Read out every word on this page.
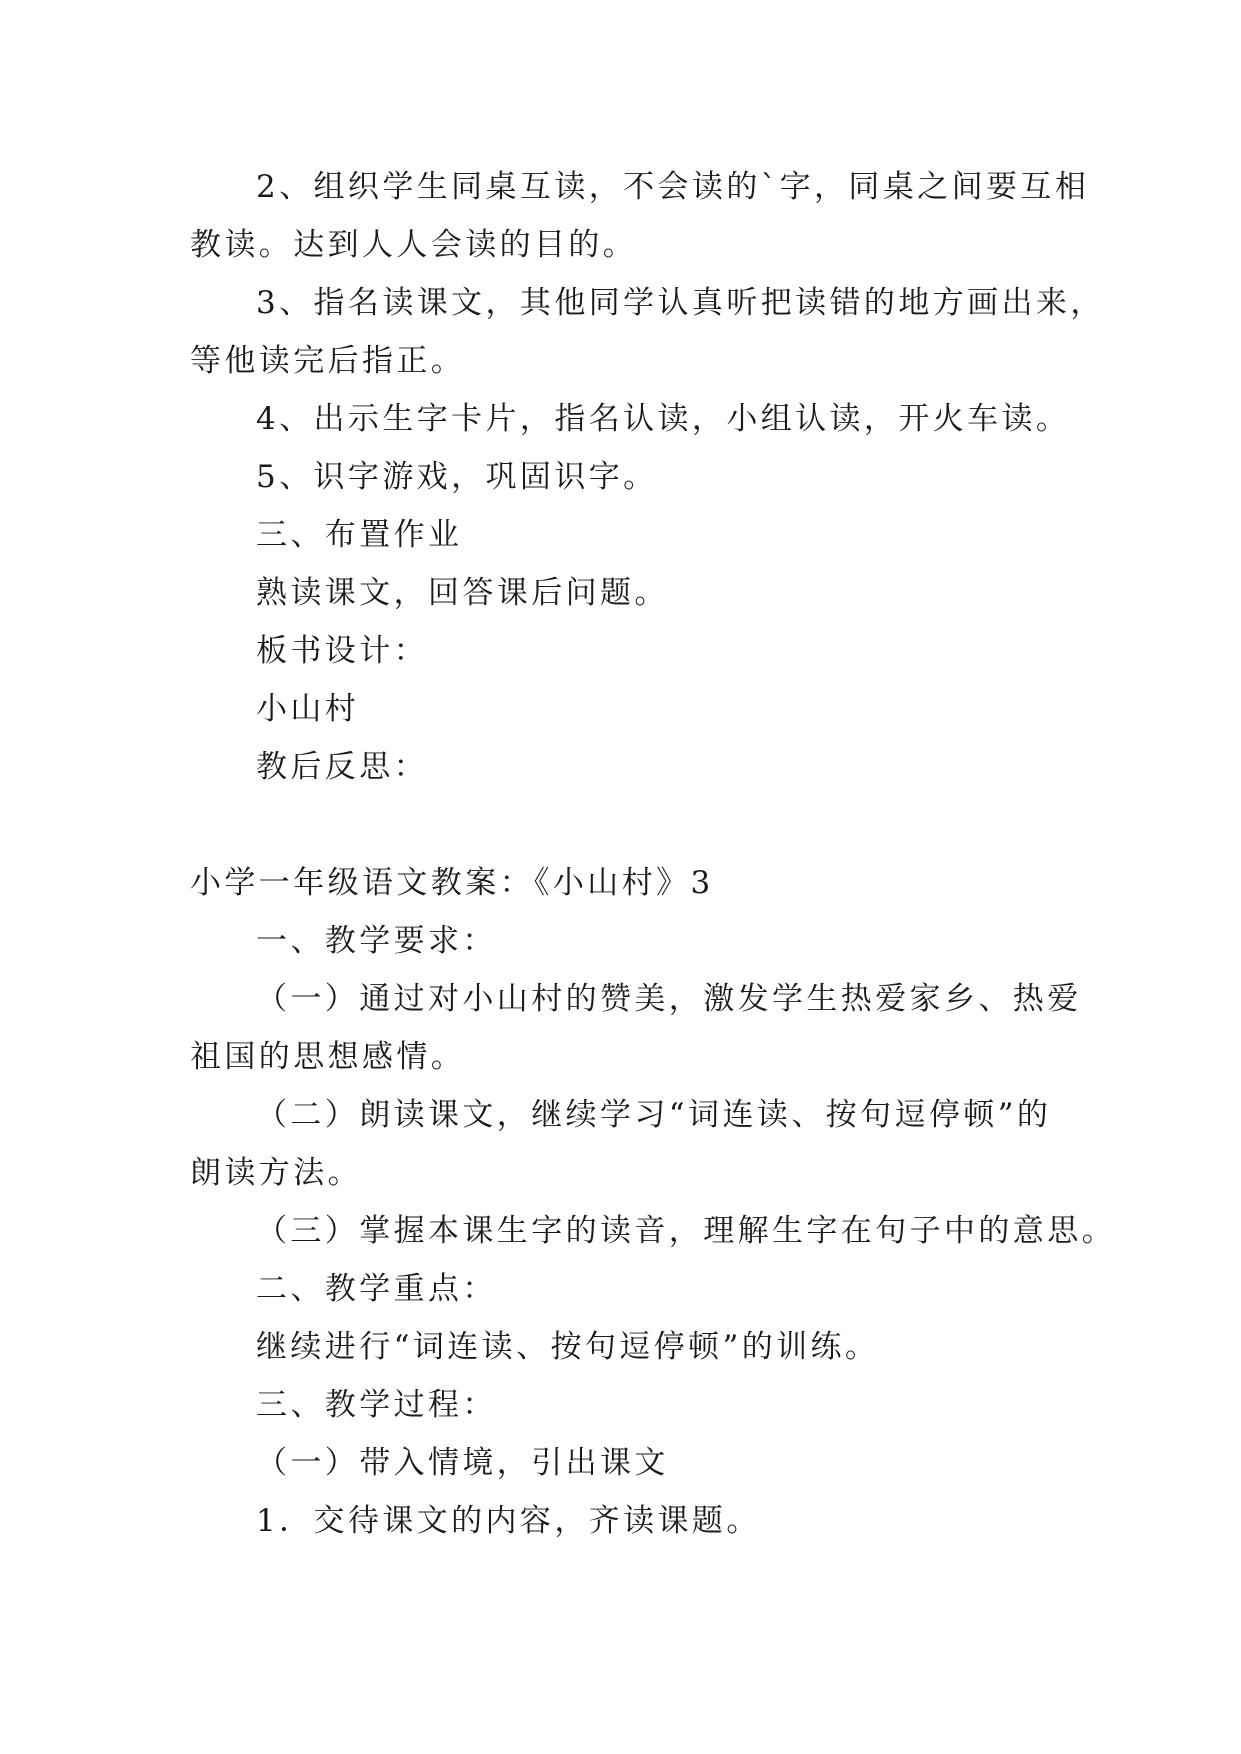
2、组织学生同桌互读，不会读的`字，同桌之间要互相
教读。达到人人会读的目的。
3、指名读课文，其他同学认真听把读错的地方画出来，
等他读完后指正。
4、出示生字卡片，指名认读，小组认读，开火车读。
5、识字游戏，巩固识字。
三、布置作业
熟读课文，回答课后问题。
板书设计：
小山村
教后反思：
小学一年级语文教案：《小山村》3
一、教学要求：
（一）通过对小山村的赞美，激发学生热爱家乡、热爱
祖国的思想感情。
（二）朗读课文，继续学习“词连读、按句逗停顿”的
朗读方法。
（三）掌握本课生字的读音，理解生字在句子中的意思。
二、教学重点：
继续进行“词连读、按句逗停顿”的训练。
三、教学过程：
（一）带入情境，引出课文
1．交待课文的内容，齐读课题。
